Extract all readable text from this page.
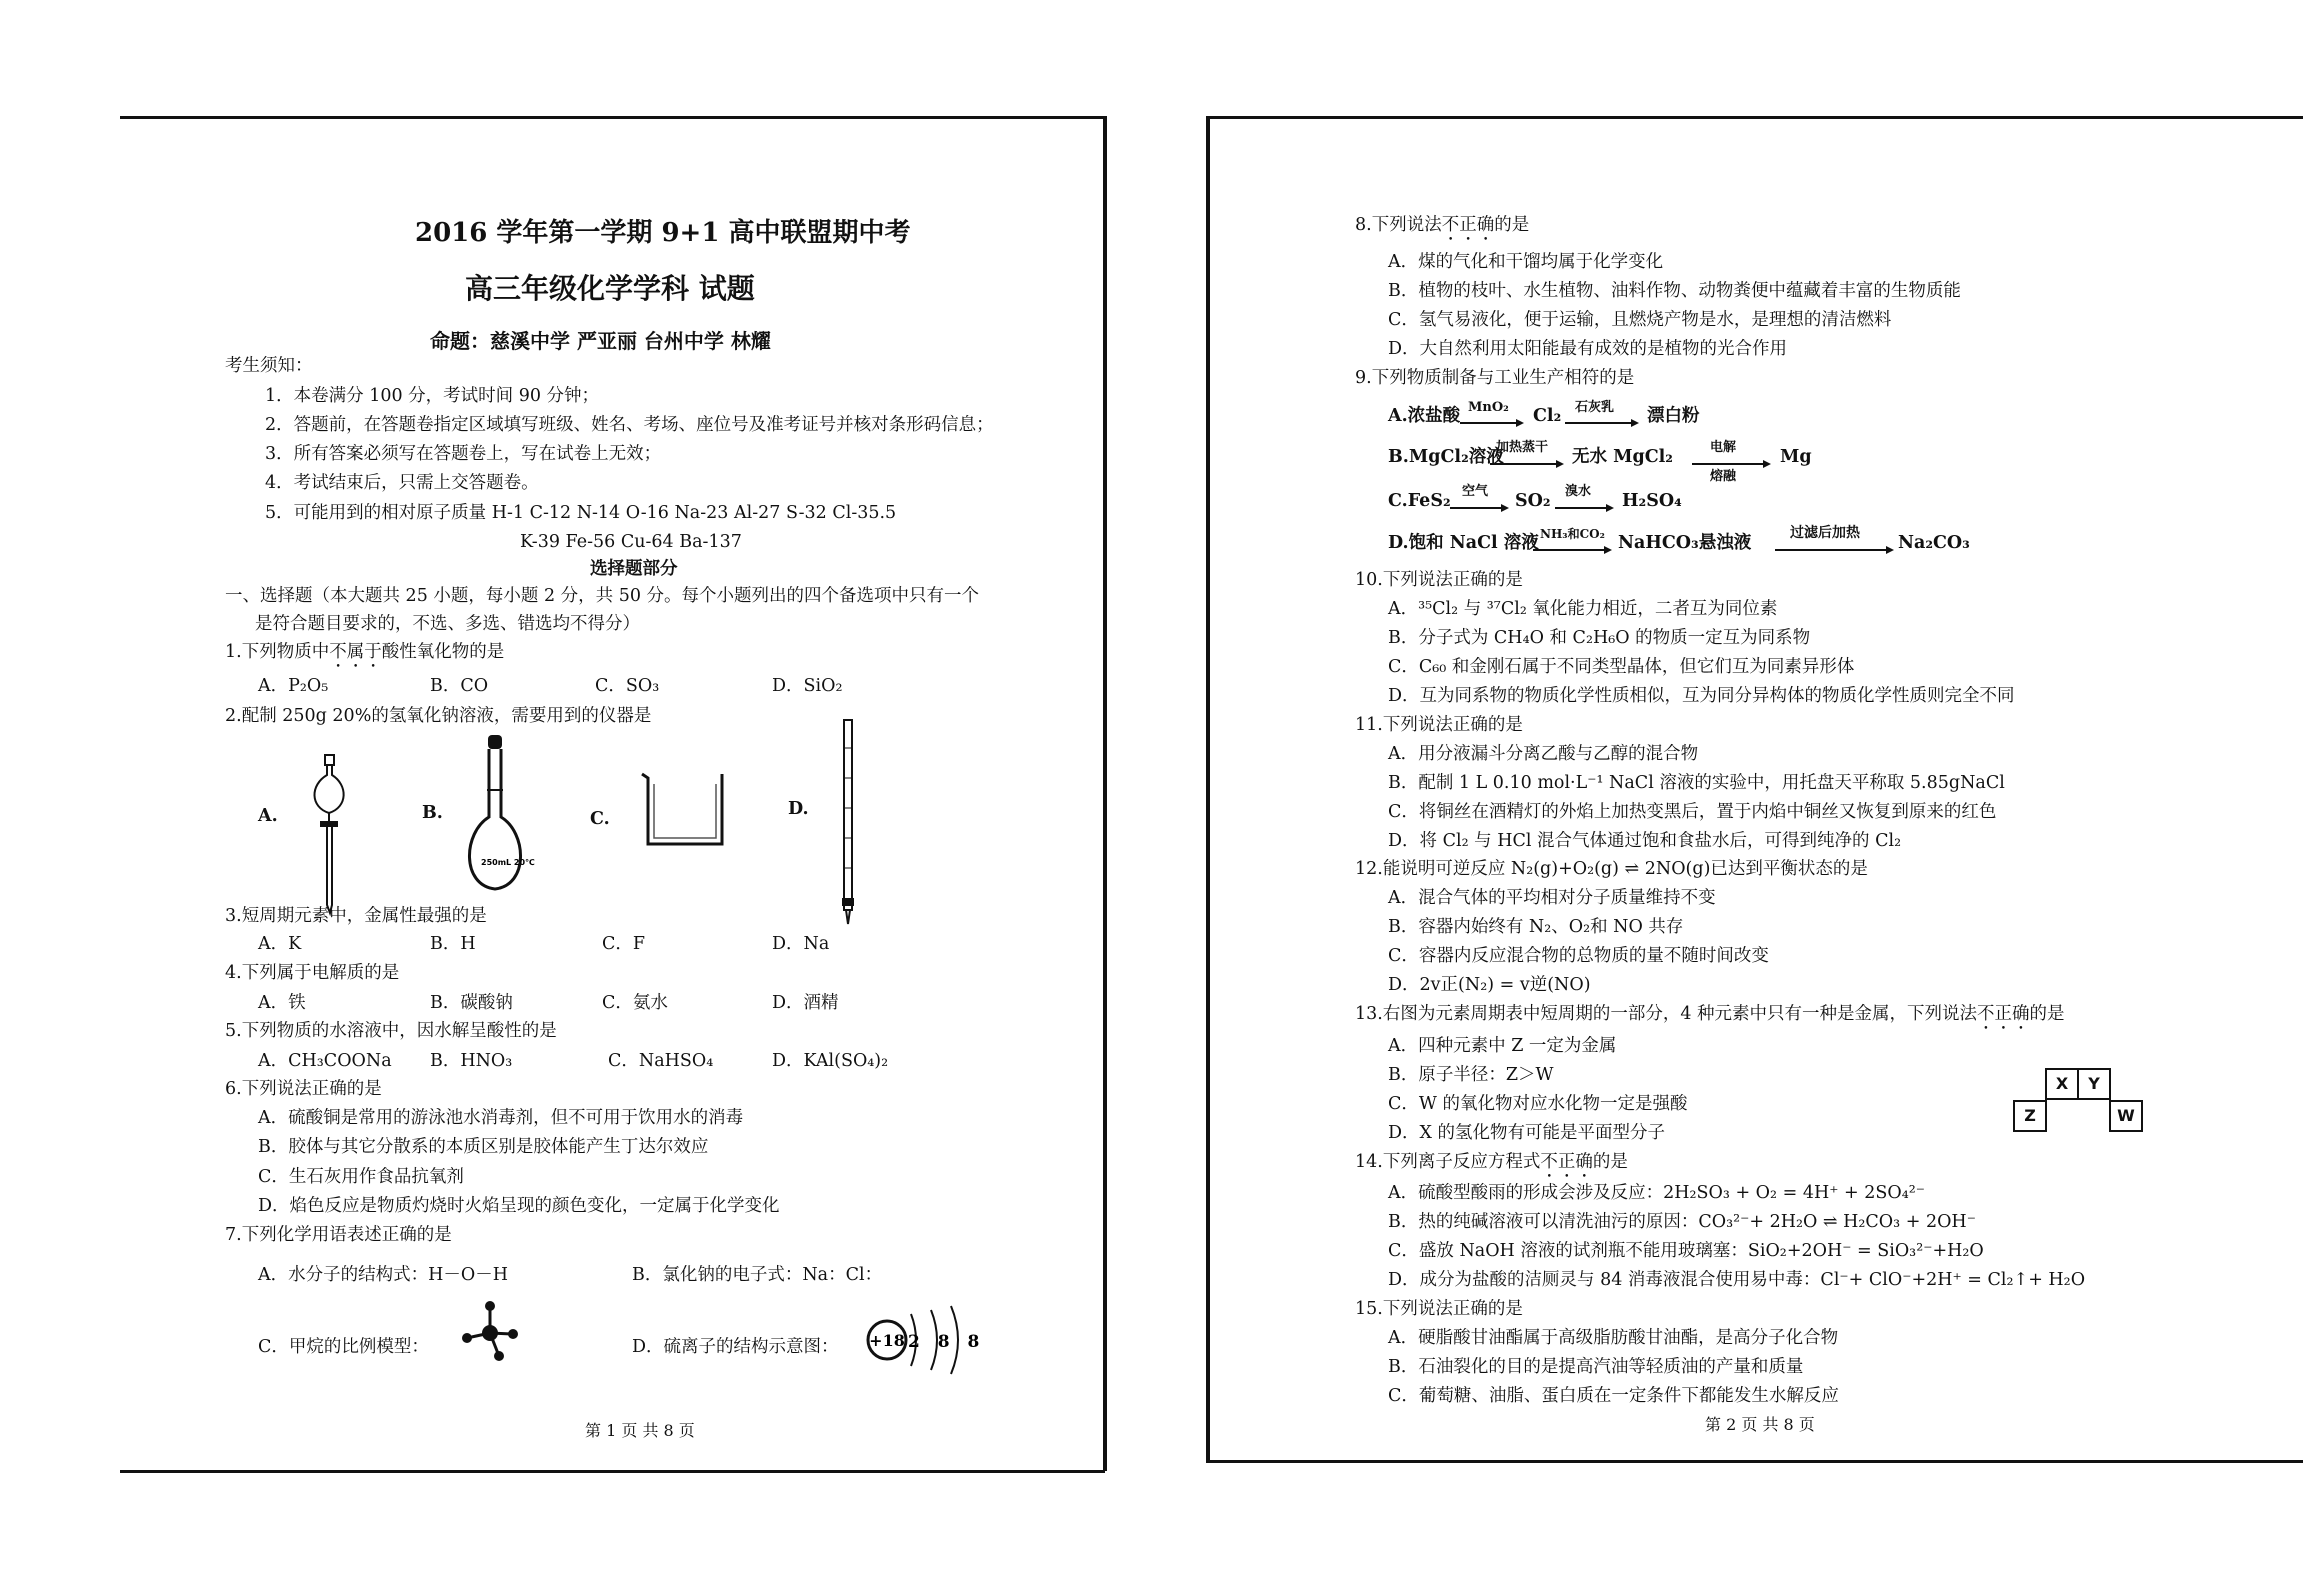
2016 学年第一学期 9+1 高中联盟期中考
高三年级化学学科 试题
命题：慈溪中学 严亚丽 台州中学 林耀
考生须知：
1．本卷满分 100 分，考试时间 90 分钟；
2．答题前，在答题卷指定区域填写班级、姓名、考场、座位号及准考证号并核对条形码信息；
3．所有答案必须写在答题卷上，写在试卷上无效；
4．考试结束后，只需上交答题卷。
5．可能用到的相对原子质量 H-1 C-12 N-14 O-16 Na-23 Al-27 S-32 Cl-35.5
K-39 Fe-56 Cu-64 Ba-137
选择题部分
一、选择题（本大题共 25 小题，每小题 2 分，共 50 分。每个小题列出的四个备选项中只有一个
是符合题目要求的，不选、多选、错选均不得分）
1.下列物质中不属于酸性氧化物的是
A．P₂O₅	B．CO	C．SO₃	D．SiO₂
2.配制 250g 20%的氢氧化钠溶液，需要用到的仪器是
A.	B.	C.	D.
250mL 20℃
3.短周期元素中，金属性最强的是
A．K	B．H	C．F	D．Na
4.下列属于电解质的是
A．铁	B．碳酸钠	C．氨水	D．酒精
5.下列物质的水溶液中，因水解呈酸性的是
A．CH₃COONa B．HNO₃	C．NaHSO₄	D．KAl(SO₄)₂
6.下列说法正确的是
A．硫酸铜是常用的游泳池水消毒剂，但不可用于饮用水的消毒
B．胶体与其它分散系的本质区别是胶体能产生丁达尔效应
C．生石灰用作食品抗氧剂
D．焰色反应是物质灼烧时火焰呈现的颜色变化，一定属于化学变化
7.下列化学用语表述正确的是
A．水分子的结构式：H－O－H	B．氯化钠的电子式：Na：Cl：
C．甲烷的比例模型：	D．硫离子的结构示意图： +18 2 8 8
第 1 页 共 8 页
8.下列说法不正确的是
A．煤的气化和干馏均属于化学变化
B．植物的枝叶、水生植物、油料作物、动物粪便中蕴藏着丰富的生物质能
C．氢气易液化，便于运输，且燃烧产物是水，是理想的清洁燃料
D．大自然利用太阳能最有成效的是植物的光合作用
9.下列物质制备与工业生产相符的是
A.浓盐酸 MnO₂ Cl₂ 石灰乳 漂白粉
B.MgCl₂溶液
加热蒸干 无水 MgCl₂	电解
熔融
Mg
C.FeS₂ 空气 SO₂ 溴水 H₂SO₄
D.饱和 NaCl 溶液 NH₃和CO₂ NaHCO₃悬浊液	过滤后加热 Na₂CO₃
10.下列说法正确的是
A．³⁵Cl₂ 与 ³⁷Cl₂ 氧化能力相近，二者互为同位素
B．分子式为 CH₄O 和 C₂H₆O 的物质一定互为同系物
C．C₆₀ 和金刚石属于不同类型晶体，但它们互为同素异形体
D．互为同系物的物质化学性质相似，互为同分异构体的物质化学性质则完全不同
11.下列说法正确的是
A．用分液漏斗分离乙酸与乙醇的混合物
B．配制 1 L 0.10 mol·L⁻¹ NaCl 溶液的实验中，用托盘天平称取 5.85gNaCl
C．将铜丝在酒精灯的外焰上加热变黑后，置于内焰中铜丝又恢复到原来的红色
D．将 Cl₂ 与 HCl 混合气体通过饱和食盐水后，可得到纯净的 Cl₂
12.能说明可逆反应 N₂(g)+O₂(g) ⇌ 2NO(g)已达到平衡状态的是
A．混合气体的平均相对分子质量维持不变
B．容器内始终有 N₂、O₂和 NO 共存
C．容器内反应混合物的总物质的量不随时间改变
D．2v正(N₂) = v逆(NO)
13.右图为元素周期表中短周期的一部分，4 种元素中只有一种是金属，下列说法不正确的是
A．四种元素中 Z 一定为金属
B．原子半径：Z＞W
C．W 的氧化物对应水化物一定是强酸
D．X 的氢化物有可能是平面型分子
X	Y
Z	W
14.下列离子反应方程式不正确的是
A．硫酸型酸雨的形成会涉及反应：2H₂SO₃ + O₂ = 4H⁺ + 2SO₄²⁻
B．热的纯碱溶液可以清洗油污的原因：CO₃²⁻+ 2H₂O ⇌ H₂CO₃ + 2OH⁻
C．盛放 NaOH 溶液的试剂瓶不能用玻璃塞：SiO₂+2OH⁻ = SiO₃²⁻+H₂O
D．成分为盐酸的洁厕灵与 84 消毒液混合使用易中毒：Cl⁻+ ClO⁻+2H⁺ = Cl₂↑+ H₂O
15.下列说法正确的是
A．硬脂酸甘油酯属于高级脂肪酸甘油酯，是高分子化合物
B．石油裂化的目的是提高汽油等轻质油的产量和质量
C．葡萄糖、油脂、蛋白质在一定条件下都能发生水解反应
第 2 页 共 8 页
